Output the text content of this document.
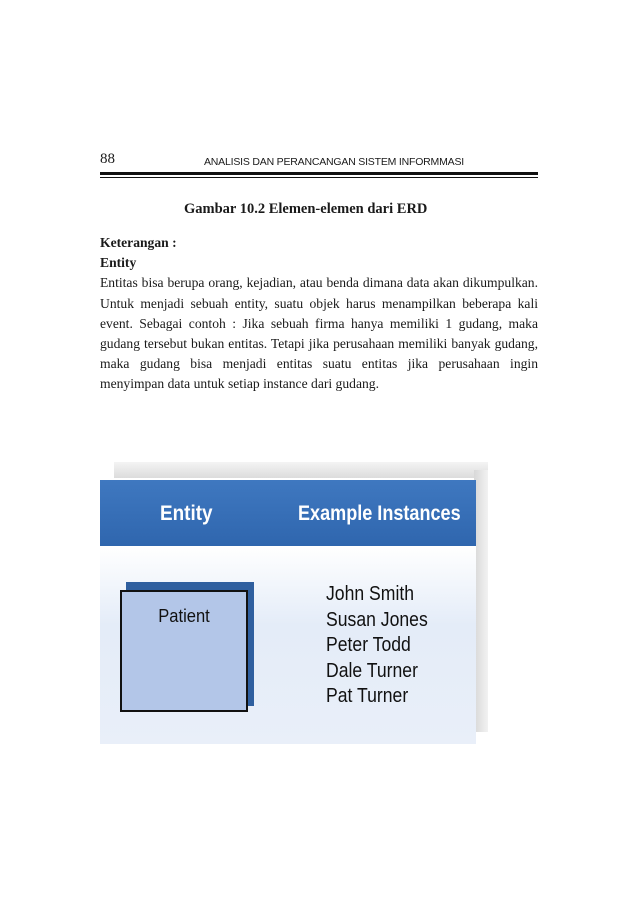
88	ANALISIS DAN PERANCANGAN SISTEM INFORMMASI
Gambar 10.2 Elemen-elemen dari ERD
Keterangan :
Entity
Entitas bisa berupa orang, kejadian, atau benda dimana data akan dikumpulkan. Untuk menjadi sebuah entity, suatu objek harus menampilkan beberapa kali event. Sebagai contoh : Jika sebuah firma hanya memiliki 1 gudang, maka gudang tersebut bukan entitas. Tetapi jika perusahaan memiliki banyak gudang, maka gudang bisa menjadi entitas suatu entitas jika perusahaan ingin menyimpan data untuk setiap instance dari gudang.
Entity	Example Instances
Patient
John Smith
Susan Jones
Peter Todd
Dale Turner
Pat Turner
